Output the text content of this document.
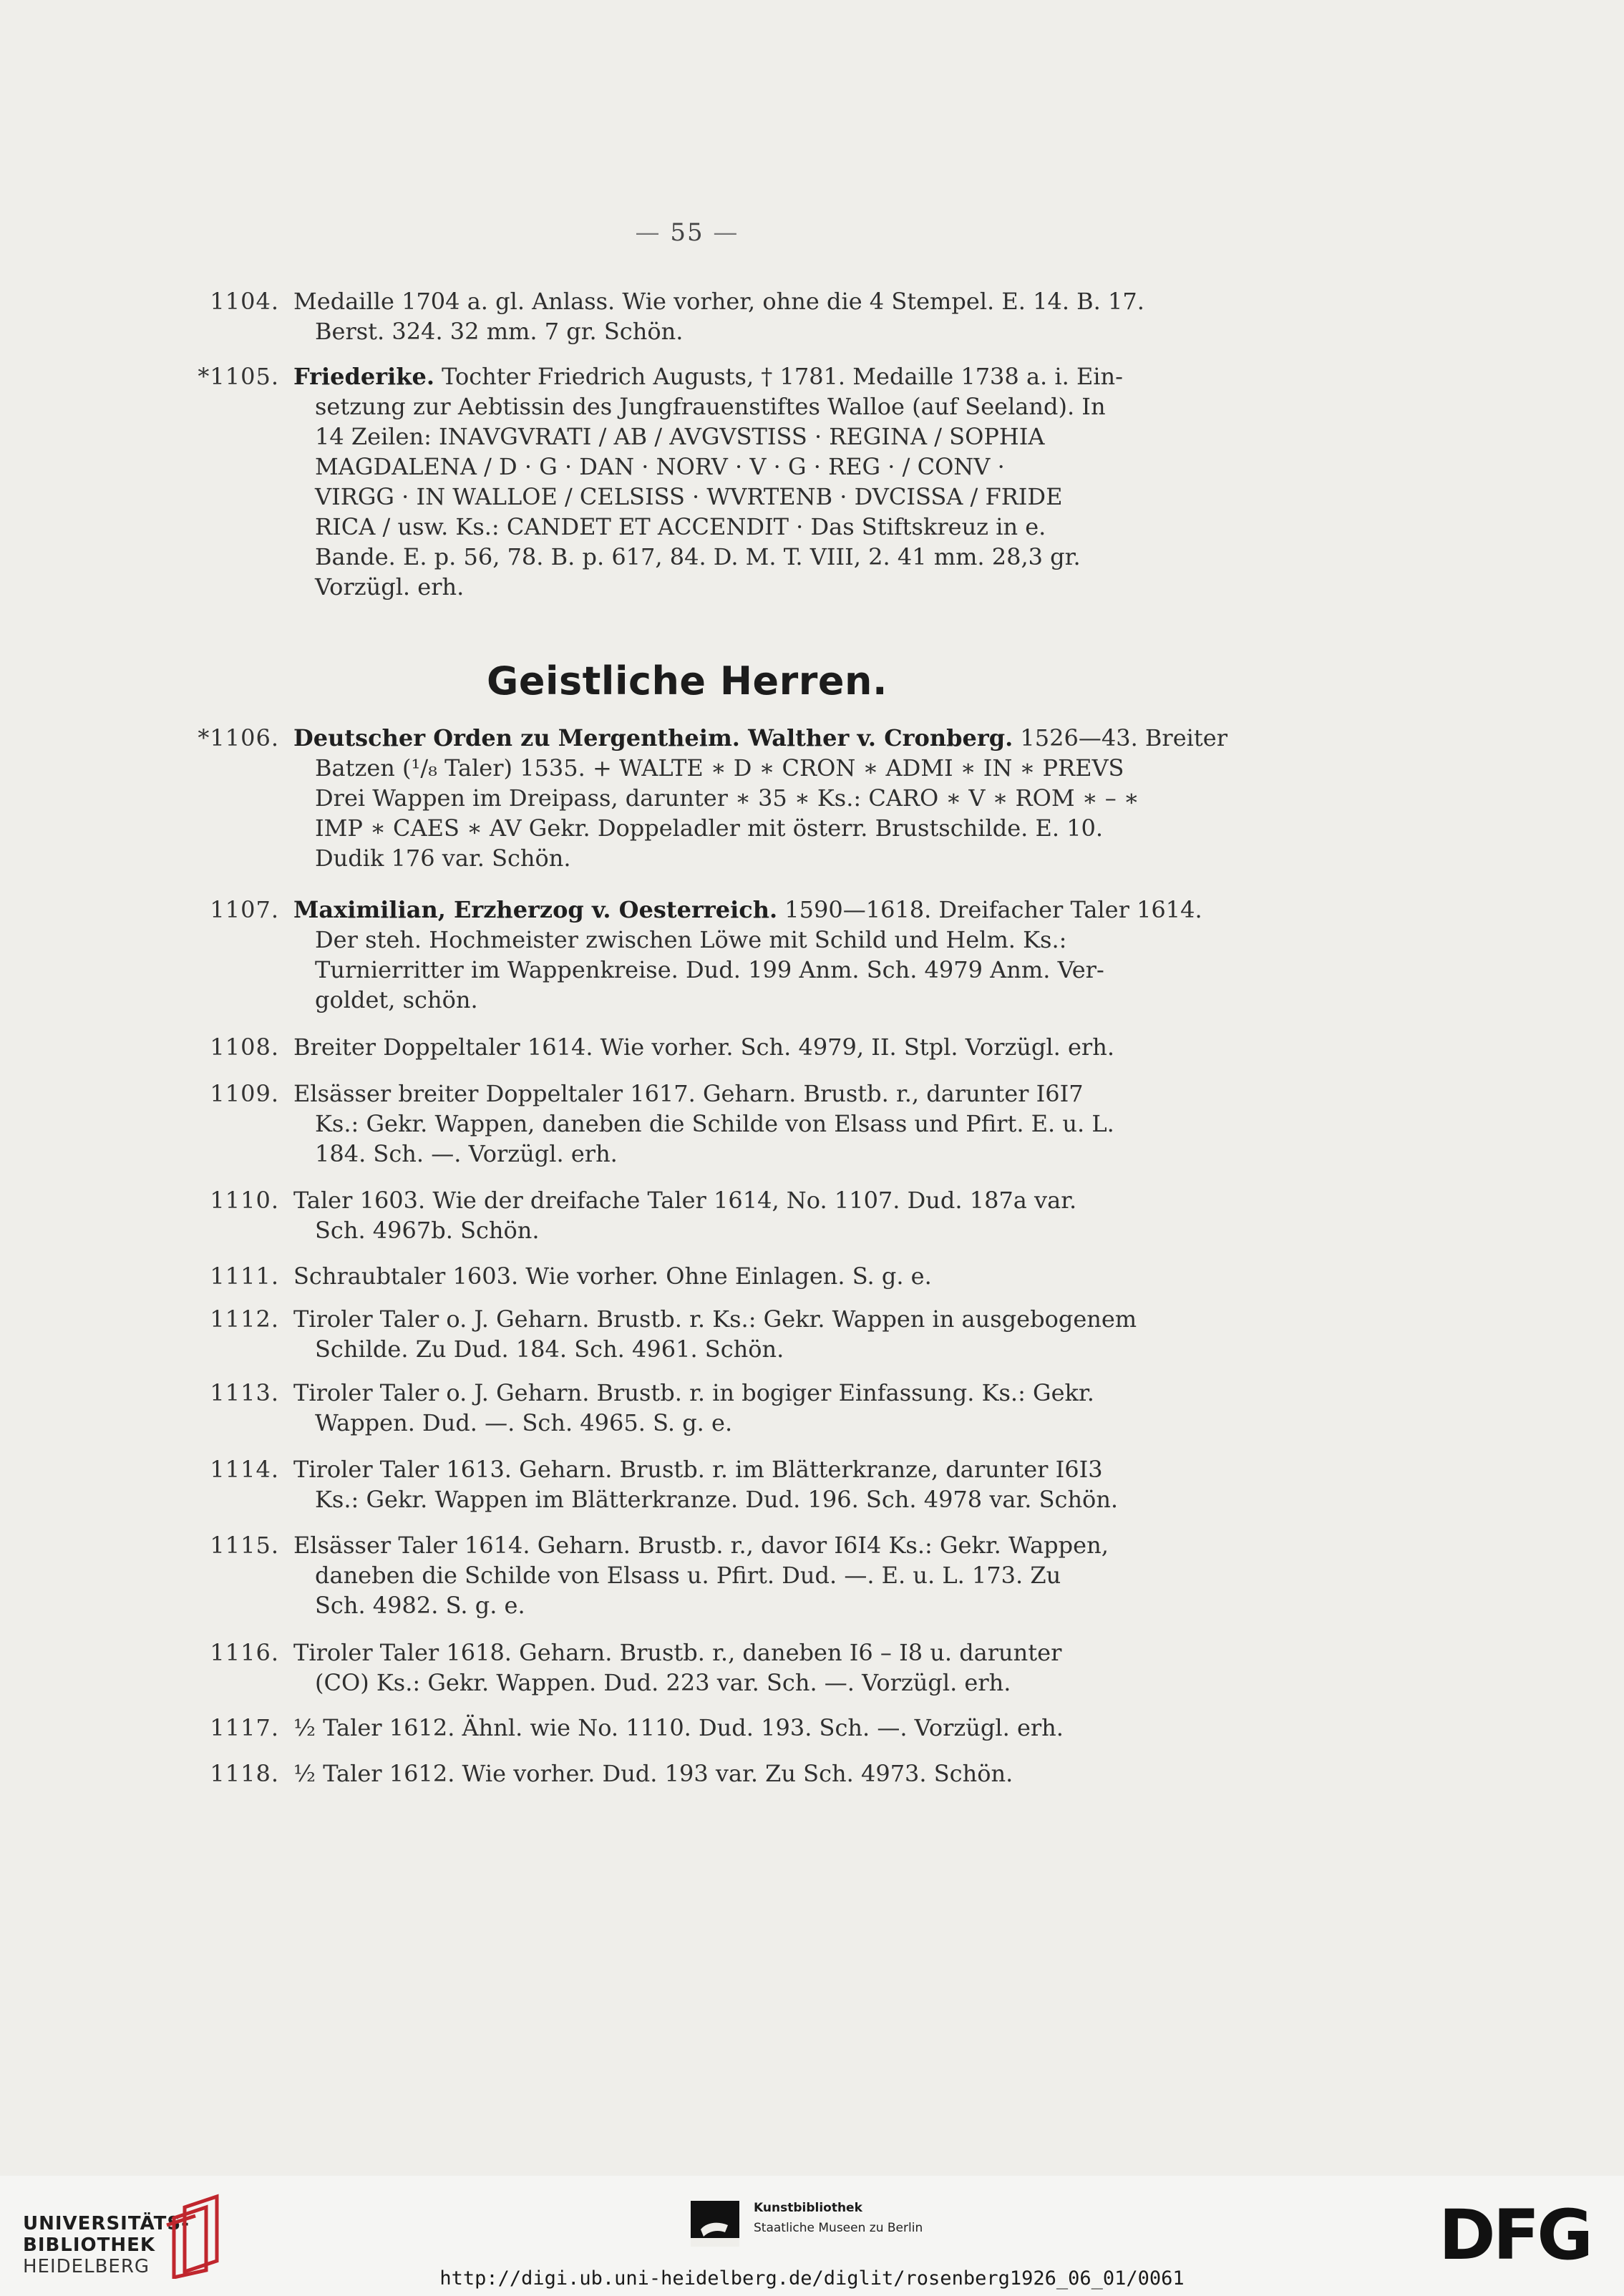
— 55 —
1104. Medaille 1704 a. gl. Anlass. Wie vorher, ohne die 4 Stempel. E. 14. B. 17.
Berst. 324. 32 mm. 7 gr. Schön.
*1105. Friederike. Tochter Friedrich Augusts, † 1781. Medaille 1738 a. i. Ein-
setzung zur Aebtissin des Jungfrauenstiftes Walloe (auf Seeland). In
14 Zeilen: INAVGVRATI / AB / AVGVSTISS · REGINA / SOPHIA
MAGDALENA / D · G · DAN · NORV · V · G · REG · / CONV ·
VIRGG · IN WALLOE / CELSISS · WVRTENB · DVCISSA / FRIDE
RICA / usw. Ks.: CANDET ET ACCENDIT · Das Stiftskreuz in e.
Bande. E. p. 56, 78. B. p. 617, 84. D. M. T. VIII, 2. 41 mm. 28,3 gr.
Vorzügl. erh.
Geistliche Herren.
*1106. Deutscher Orden zu Mergentheim. Walther v. Cronberg. 1526—43. Breiter
Batzen (¹/₈ Taler) 1535. + WALTE ∗ D ∗ CRON ∗ ADMI ∗ IN ∗ PREVS
Drei Wappen im Dreipass, darunter ∗ 35 ∗ Ks.: CARO ∗ V ∗ ROM ∗ – ∗
IMP ∗ CAES ∗ AV Gekr. Doppeladler mit österr. Brustschilde. E. 10.
Dudik 176 var. Schön.
1107. Maximilian, Erzherzog v. Oesterreich. 1590—1618. Dreifacher Taler 1614.
Der steh. Hochmeister zwischen Löwe mit Schild und Helm. Ks.:
Turnierritter im Wappenkreise. Dud. 199 Anm. Sch. 4979 Anm. Ver-
goldet, schön.
1108. Breiter Doppeltaler 1614. Wie vorher. Sch. 4979, II. Stpl. Vorzügl. erh.
1109. Elsässer breiter Doppeltaler 1617. Geharn. Brustb. r., darunter I6I7
Ks.: Gekr. Wappen, daneben die Schilde von Elsass und Pfirt. E. u. L.
184. Sch. —. Vorzügl. erh.
1110. Taler 1603. Wie der dreifache Taler 1614, No. 1107. Dud. 187a var.
Sch. 4967b. Schön.
1111. Schraubtaler 1603. Wie vorher. Ohne Einlagen. S. g. e.
1112. Tiroler Taler o. J. Geharn. Brustb. r. Ks.: Gekr. Wappen in ausgebogenem
Schilde. Zu Dud. 184. Sch. 4961. Schön.
1113. Tiroler Taler o. J. Geharn. Brustb. r. in bogiger Einfassung. Ks.: Gekr.
Wappen. Dud. —. Sch. 4965. S. g. e.
1114. Tiroler Taler 1613. Geharn. Brustb. r. im Blätterkranze, darunter I6I3
Ks.: Gekr. Wappen im Blätterkranze. Dud. 196. Sch. 4978 var. Schön.
1115. Elsässer Taler 1614. Geharn. Brustb. r., davor I6I4 Ks.: Gekr. Wappen,
daneben die Schilde von Elsass u. Pfirt. Dud. —. E. u. L. 173. Zu
Sch. 4982. S. g. e.
1116. Tiroler Taler 1618. Geharn. Brustb. r., daneben I6 – I8 u. darunter
(CO) Ks.: Gekr. Wappen. Dud. 223 var. Sch. —. Vorzügl. erh.
1117. ½ Taler 1612. Ähnl. wie No. 1110. Dud. 193. Sch. —. Vorzügl. erh.
1118. ½ Taler 1612. Wie vorher. Dud. 193 var. Zu Sch. 4973. Schön.
UNIVERSITÄTS-
BIBLIOTHEK
HEIDELBERG
Kunstbibliothek
Staatliche Museen zu Berlin	DFG
http://digi.ub.uni-heidelberg.de/diglit/rosenberg1926_06_01/0061
